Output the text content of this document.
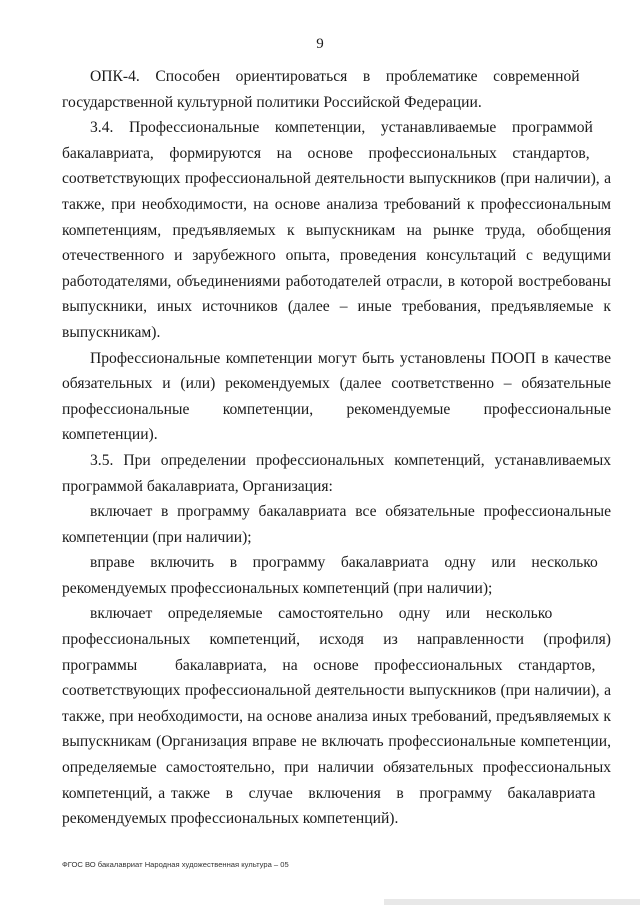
9

ОПК-4. Способен ориентироваться в проблематике современной государственной культурной политики Российской Федерации.

3.4. Профессиональные компетенции, устанавливаемые программой бакалавриата, формируются на основе профессиональных стандартов, соответствующих профессиональной деятельности выпускников (при наличии), а также, при необходимости, на основе анализа требований к профессиональным компетенциям, предъявляемых к выпускникам на рынке труда, обобщения отечественного и зарубежного опыта, проведения консультаций с ведущими работодателями, объединениями работодателей отрасли, в которой востребованы выпускники, иных источников (далее – иные требования, предъявляемые к выпускникам).

Профессиональные компетенции могут быть установлены ПООП в качестве обязательных и (или) рекомендуемых (далее соответственно – обязательные профессиональные компетенции, рекомендуемые профессиональные компетенции).

3.5. При определении профессиональных компетенций, устанавливаемых программой бакалавриата, Организация:

включает в программу бакалавриата все обязательные профессиональные компетенции (при наличии);

вправе включить в программу бакалавриата одну или несколько рекомендуемых профессиональных компетенций (при наличии);

включает определяемые самостоятельно одну или несколько профессиональных компетенций, исходя из направленности (профиля) программы бакалавриата, на основе профессиональных стандартов, соответствующих профессиональной деятельности выпускников (при наличии), а также, при необходимости, на основе анализа иных требований, предъявляемых к выпускникам (Организация вправе не включать профессиональные компетенции, определяемые самостоятельно, при наличии обязательных профессиональных компетенций, а также в случае включения в программу бакалавриата рекомендуемых профессиональных компетенций).

ФГОС ВО бакалавриат Народная художественная культура – 05
